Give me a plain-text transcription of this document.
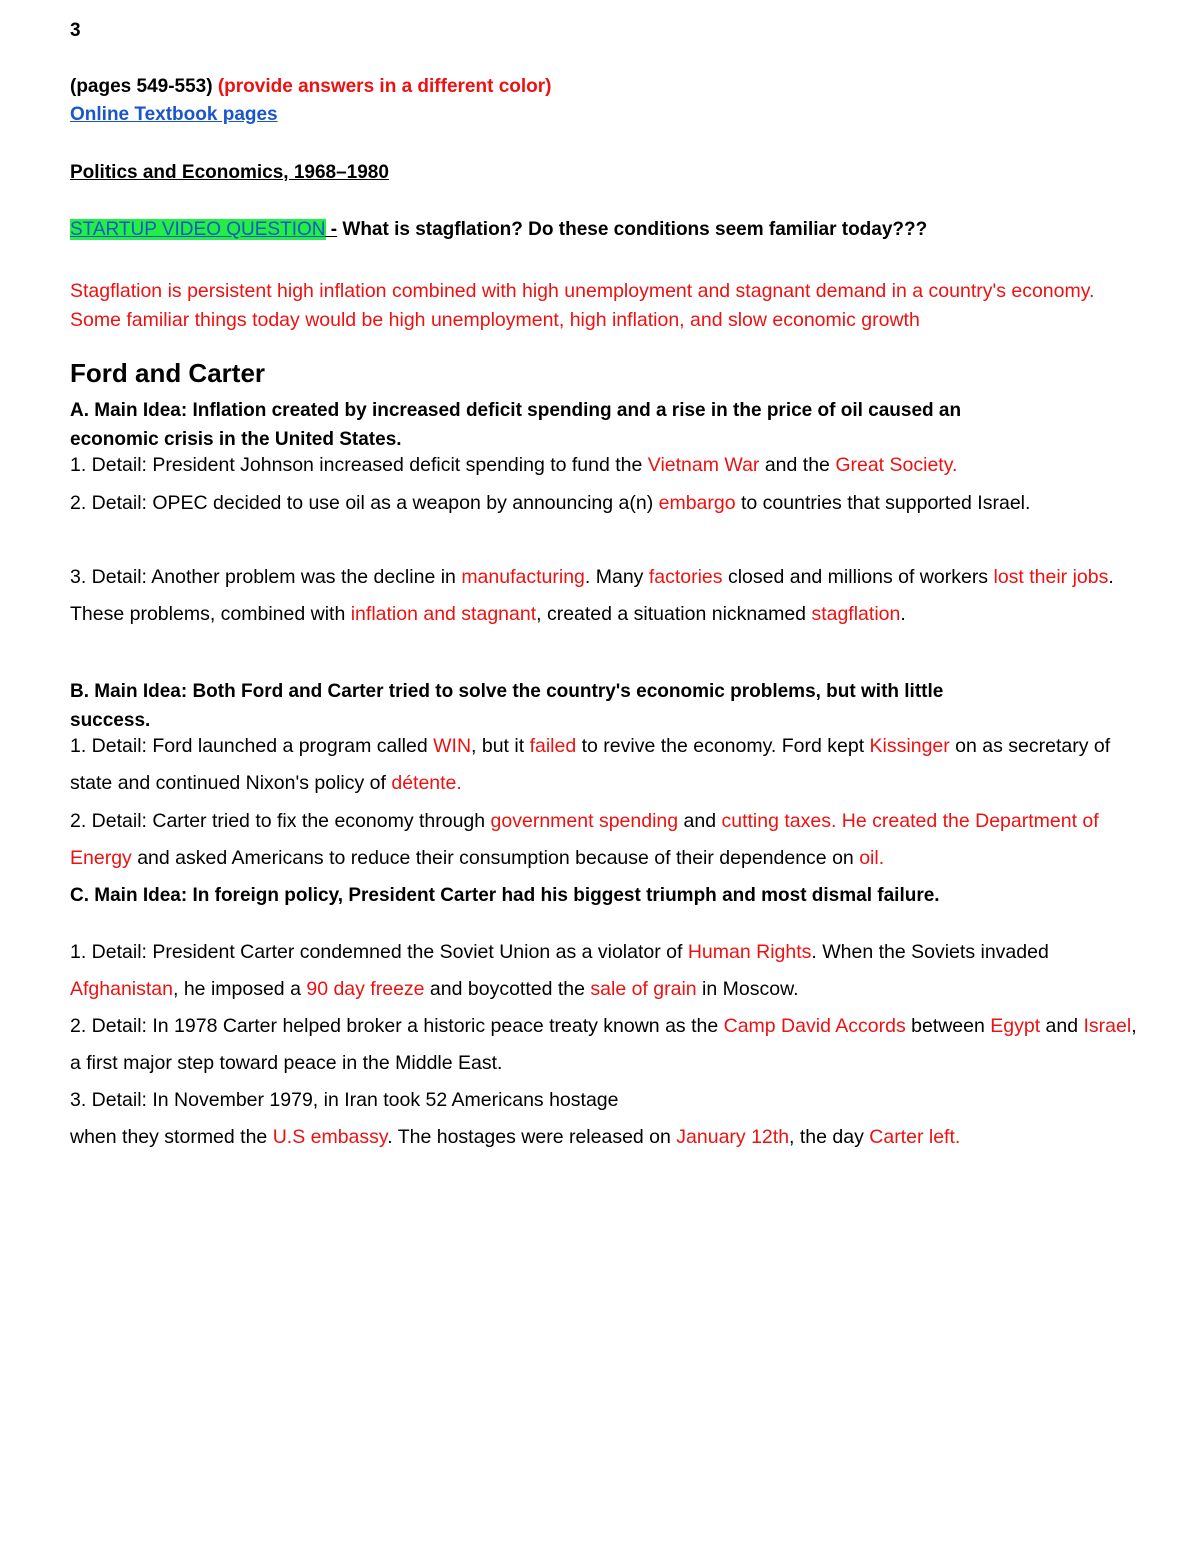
3
(pages 549-553) (provide answers in a different color)
Online Textbook pages
Politics and Economics, 1968–1980
STARTUP VIDEO QUESTION - What is stagflation? Do these conditions seem familiar today???
Stagflation is persistent high inflation combined with high unemployment and stagnant demand in a country's economy. Some familiar things today would be high unemployment, high inflation, and slow economic growth
Ford and Carter
A. Main Idea: Inflation created by increased deficit spending and a rise in the price of oil caused an economic crisis in the United States.
1. Detail: President Johnson increased deficit spending to fund the Vietnam War and the Great Society.
2. Detail: OPEC decided to use oil as a weapon by announcing a(n) embargo to countries that supported Israel.
3. Detail: Another problem was the decline in manufacturing. Many factories closed and millions of workers lost their jobs. These problems, combined with inflation and stagnant, created a situation nicknamed stagflation.
B. Main Idea: Both Ford and Carter tried to solve the country's economic problems, but with little success.
1. Detail: Ford launched a program called WIN, but it failed to revive the economy. Ford kept Kissinger on as secretary of state and continued Nixon's policy of détente.
2. Detail: Carter tried to fix the economy through government spending and cutting taxes. He created the Department of Energy and asked Americans to reduce their consumption because of their dependence on oil.
C. Main Idea: In foreign policy, President Carter had his biggest triumph and most dismal failure.
1. Detail: President Carter condemned the Soviet Union as a violator of Human Rights. When the Soviets invaded Afghanistan, he imposed a 90 day freeze and boycotted the sale of grain in Moscow.
2. Detail: In 1978 Carter helped broker a historic peace treaty known as the Camp David Accords between Egypt and Israel, a first major step toward peace in the Middle East.
3. Detail: In November 1979, in Iran took 52 Americans hostage
when they stormed the U.S embassy. The hostages were released on January 12th, the day Carter left.
